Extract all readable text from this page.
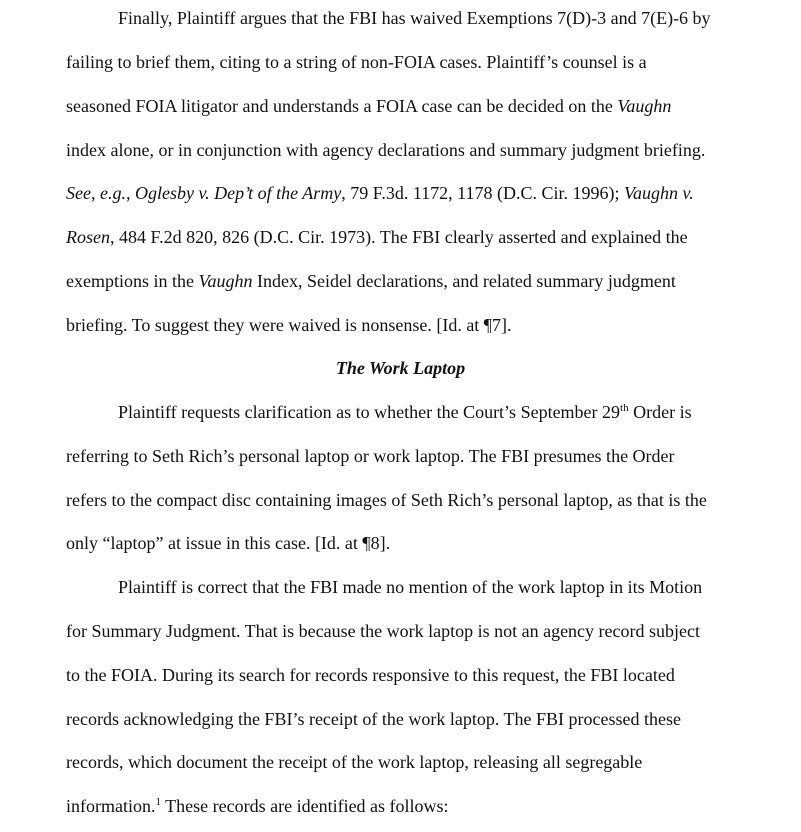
Finally, Plaintiff argues that the FBI has waived Exemptions 7(D)-3 and 7(E)-6 by
failing to brief them, citing to a string of non-FOIA cases. Plaintiff’s counsel is a
seasoned FOIA litigator and understands a FOIA case can be decided on the Vaughn
index alone, or in conjunction with agency declarations and summary judgment briefing.
See, e.g., Oglesby v. Dep’t of the Army, 79 F.3d. 1172, 1178 (D.C. Cir. 1996); Vaughn v.
Rosen, 484 F.2d 820, 826 (D.C. Cir. 1973). The FBI clearly asserted and explained the
exemptions in the Vaughn Index, Seidel declarations, and related summary judgment
briefing. To suggest they were waived is nonsense. [Id. at ¶7].
The Work Laptop
Plaintiff requests clarification as to whether the Court’s September 29th Order is
referring to Seth Rich’s personal laptop or work laptop. The FBI presumes the Order
refers to the compact disc containing images of Seth Rich’s personal laptop, as that is the
only “laptop” at issue in this case. [Id. at ¶8].
Plaintiff is correct that the FBI made no mention of the work laptop in its Motion
for Summary Judgment. That is because the work laptop is not an agency record subject
to the FOIA. During its search for records responsive to this request, the FBI located
records acknowledging the FBI’s receipt of the work laptop. The FBI processed these
records, which document the receipt of the work laptop, releasing all segregable
information.$^1$ These records are identified as follows:
